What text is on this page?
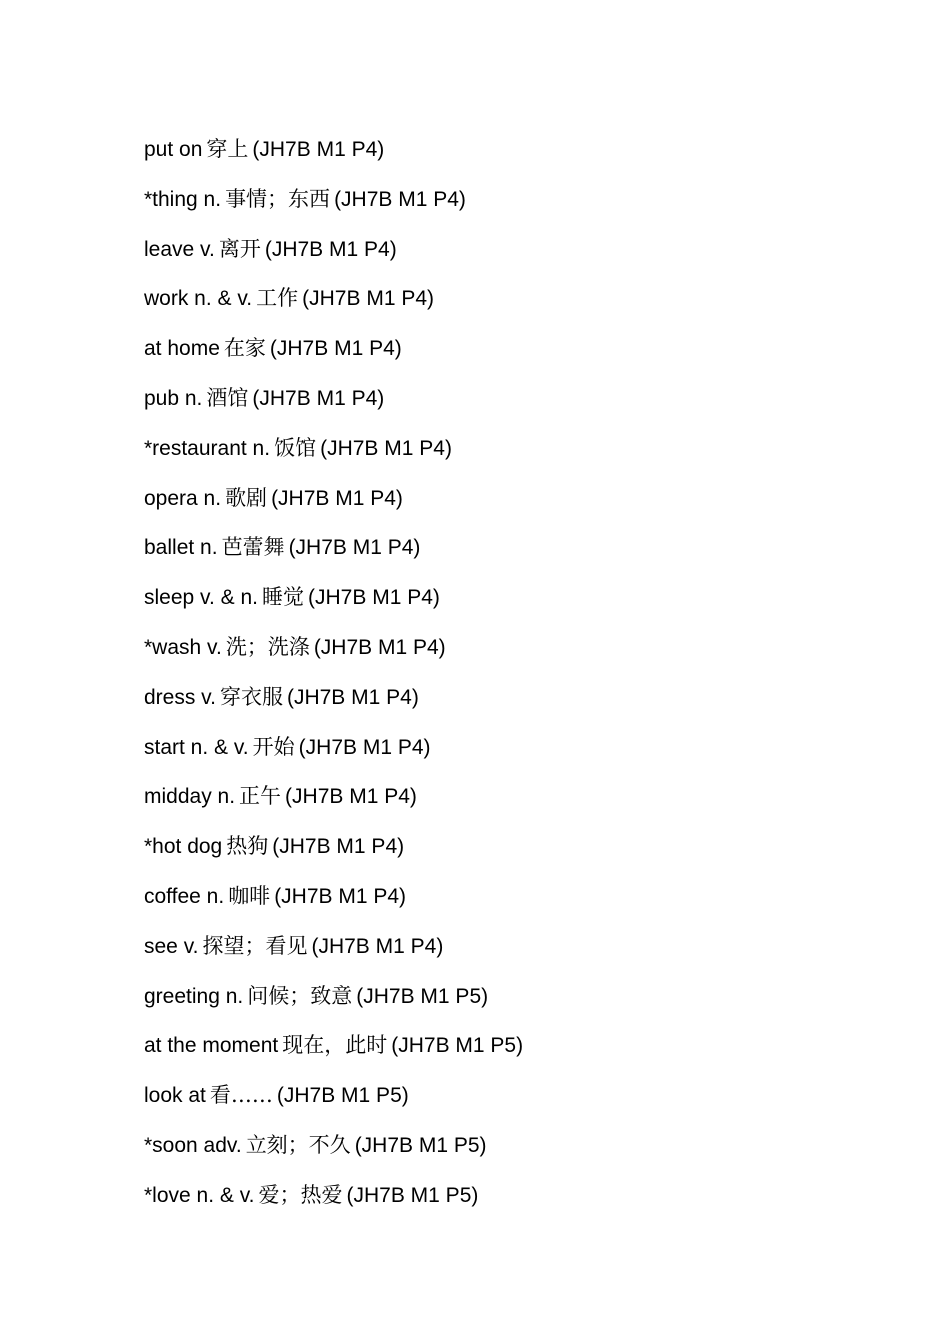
put on 穿上 (JH7B M1 P4)
*thing n. 事情；东西 (JH7B M1 P4)
leave v. 离开 (JH7B M1 P4)
work n. & v. 工作 (JH7B M1 P4)
at home 在家 (JH7B M1 P4)
pub n. 酒馆 (JH7B M1 P4)
*restaurant n. 饭馆 (JH7B M1 P4)
opera n. 歌剧 (JH7B M1 P4)
ballet n. 芭蕾舞 (JH7B M1 P4)
sleep v. & n. 睡觉 (JH7B M1 P4)
*wash v. 洗；洗涤 (JH7B M1 P4)
dress v. 穿衣服 (JH7B M1 P4)
start n. & v. 开始 (JH7B M1 P4)
midday n. 正午 (JH7B M1 P4)
*hot dog 热狗 (JH7B M1 P4)
coffee n. 咖啡 (JH7B M1 P4)
see v. 探望；看见 (JH7B M1 P4)
greeting n. 问候；致意 (JH7B M1 P5)
at the moment 现在，此时 (JH7B M1 P5)
look at 看…… (JH7B M1 P5)
*soon adv. 立刻；不久 (JH7B M1 P5)
*love n. & v. 爱；热爱 (JH7B M1 P5)
